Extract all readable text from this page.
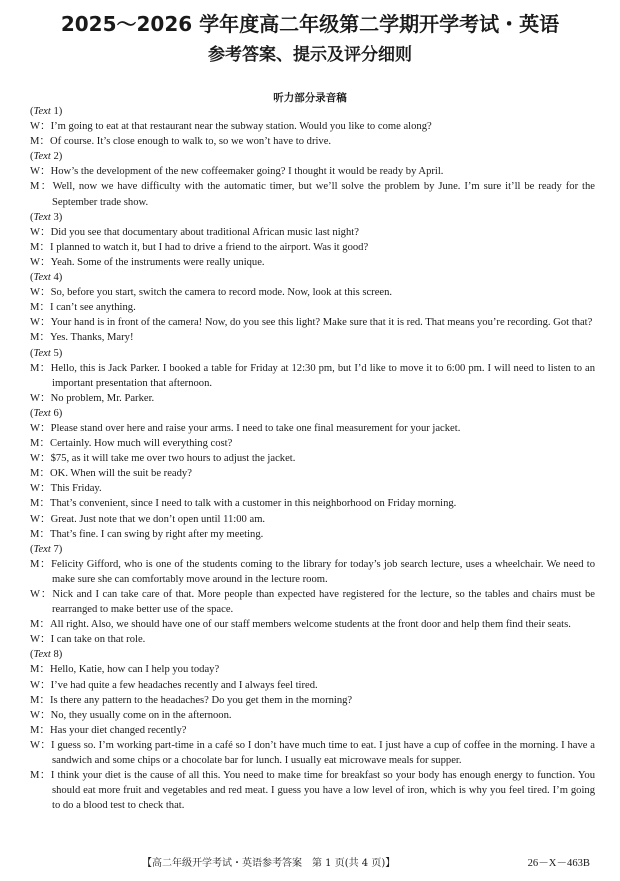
2025～2026 学年度高二年级第二学期开学考试・英语
参考答案、提示及评分细则
听力部分录音稿
(Text 1)
W：I’m going to eat at that restaurant near the subway station. Would you like to come along?
M：Of course. It’s close enough to walk to, so we won’t have to drive.
(Text 2)
W：How’s the development of the new coffeemaker going? I thought it would be ready by April.
M：Well, now we have difficulty with the automatic timer, but we’ll solve the problem by June. I’m sure it’ll be ready for the September trade show.
(Text 3)
W：Did you see that documentary about traditional African music last night?
M：I planned to watch it, but I had to drive a friend to the airport. Was it good?
W：Yeah. Some of the instruments were really unique.
(Text 4)
W：So, before you start, switch the camera to record mode. Now, look at this screen.
M：I can’t see anything.
W：Your hand is in front of the camera! Now, do you see this light? Make sure that it is red. That means you’re recording. Got that?
M：Yes. Thanks, Mary!
(Text 5)
M：Hello, this is Jack Parker. I booked a table for Friday at 12:30 pm, but I’d like to move it to 6:00 pm. I will need to listen to an important presentation that afternoon.
W：No problem, Mr. Parker.
(Text 6)
W：Please stand over here and raise your arms. I need to take one final measurement for your jacket.
M：Certainly. How much will everything cost?
W：$75, as it will take me over two hours to adjust the jacket.
M：OK. When will the suit be ready?
W：This Friday.
M：That’s convenient, since I need to talk with a customer in this neighborhood on Friday morning.
W：Great. Just note that we don’t open until 11:00 am.
M：That’s fine. I can swing by right after my meeting.
(Text 7)
M：Felicity Gifford, who is one of the students coming to the library for today’s job search lecture, uses a wheelchair. We need to make sure she can comfortably move around in the lecture room.
W：Nick and I can take care of that. More people than expected have registered for the lecture, so the tables and chairs must be rearranged to make better use of the space.
M：All right. Also, we should have one of our staff members welcome students at the front door and help them find their seats.
W：I can take on that role.
(Text 8)
M：Hello, Katie, how can I help you today?
W：I’ve had quite a few headaches recently and I always feel tired.
M：Is there any pattern to the headaches? Do you get them in the morning?
W：No, they usually come on in the afternoon.
M：Has your diet changed recently?
W：I guess so. I’m working part-time in a café so I don’t have much time to eat. I just have a cup of coffee in the morning. I have a sandwich and some chips or a chocolate bar for lunch. I usually eat microwave meals for supper.
M：I think your diet is the cause of all this. You need to make time for breakfast so your body has enough energy to function. You should eat more fruit and vegetables and red meat. I guess you have a low level of iron, which is why you feel tired. I’m going to do a blood test to check that.
【高二年级开学考试・英语参考答案　第 1 页(共 4 页)】	26－X－463B
